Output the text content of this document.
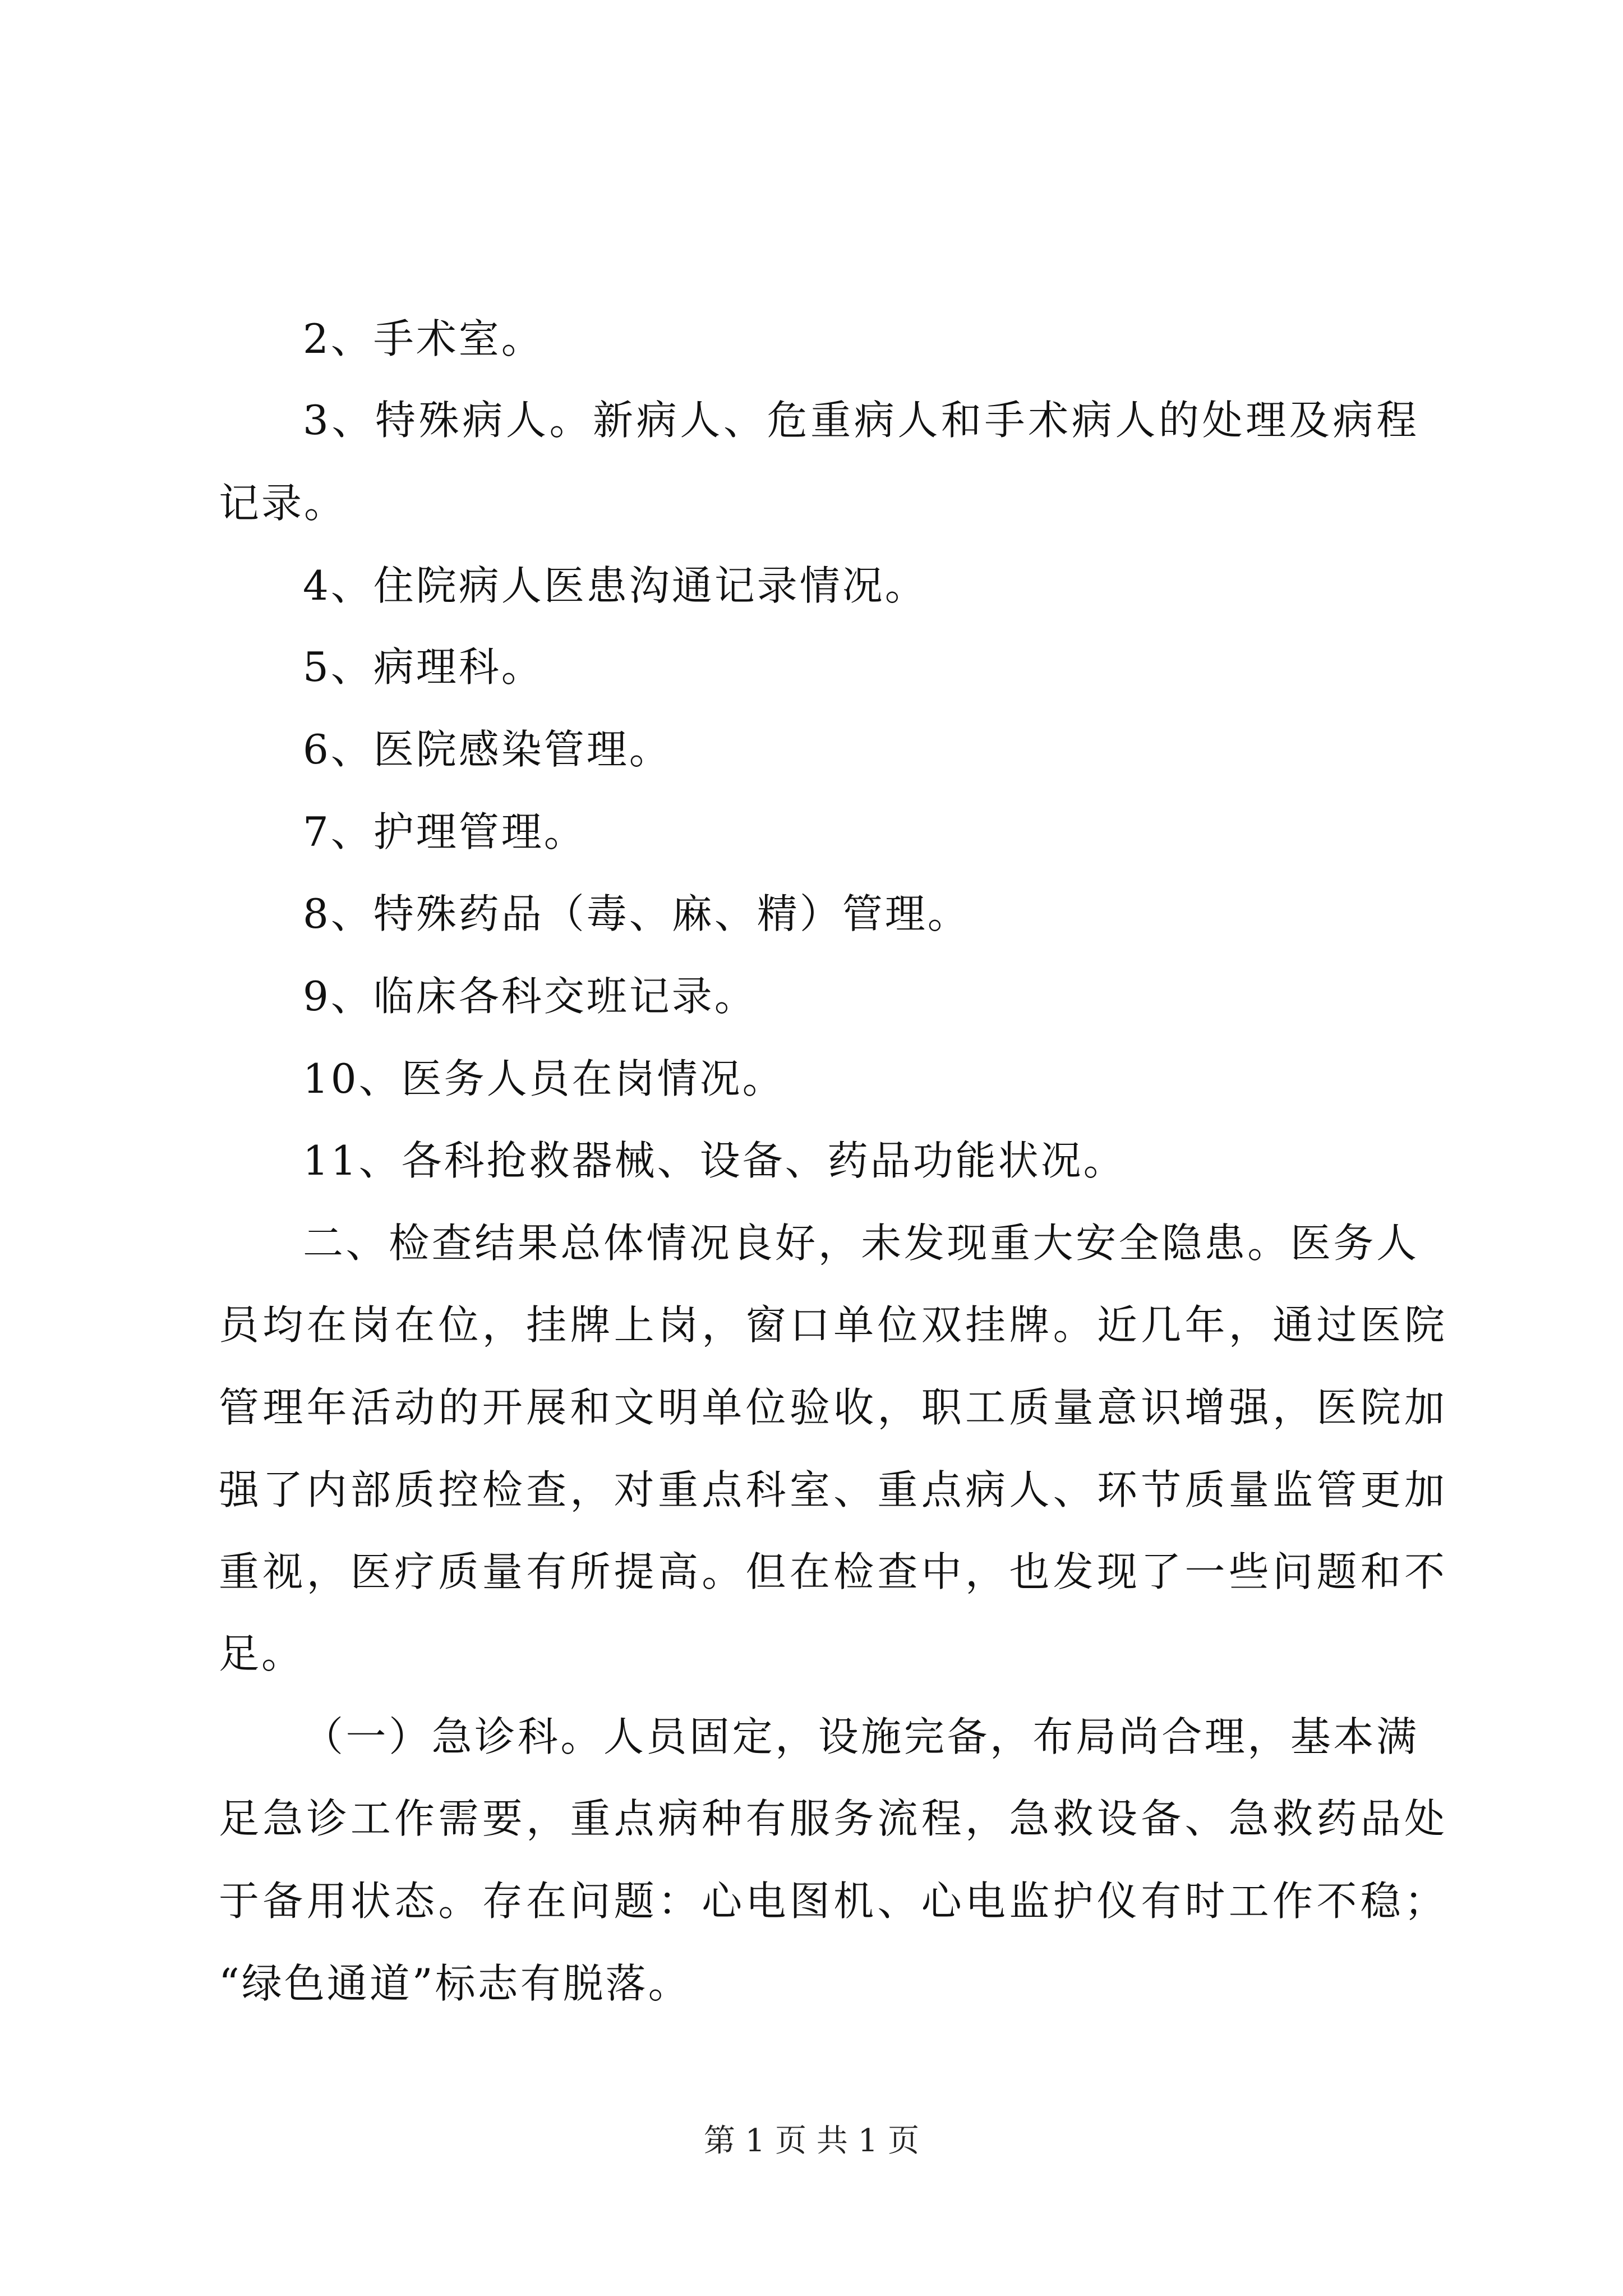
2、手术室。
3、特殊病人。新病人、危重病人和手术病人的处理及病程
记录。
4、住院病人医患沟通记录情况。
5、病理科。
6、医院感染管理。
7、护理管理。
8、特殊药品（毒、麻、精）管理。
9、临床各科交班记录。
10、医务人员在岗情况。
11、各科抢救器械、设备、药品功能状况。
二、检查结果总体情况良好，未发现重大安全隐患。医务人
员均在岗在位，挂牌上岗，窗口单位双挂牌。近几年，通过医院
管理年活动的开展和文明单位验收，职工质量意识增强，医院加
强了内部质控检查，对重点科室、重点病人、环节质量监管更加
重视，医疗质量有所提高。但在检查中，也发现了一些问题和不
足。
（一）急诊科。人员固定，设施完备，布局尚合理，基本满
足急诊工作需要，重点病种有服务流程，急救设备、急救药品处
于备用状态。存在问题：心电图机、心电监护仪有时工作不稳；
“绿色通道”标志有脱落。
第 1 页 共 1 页
